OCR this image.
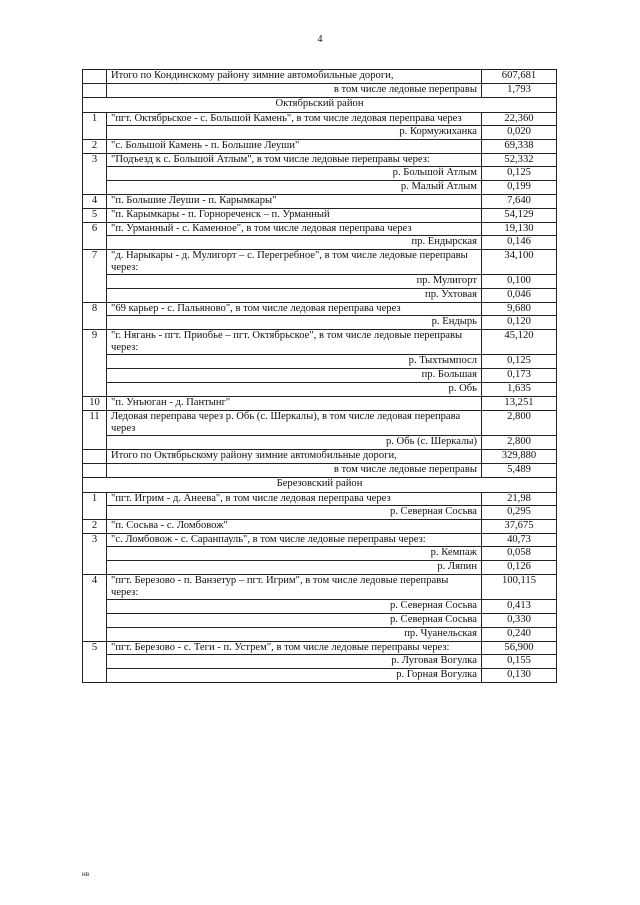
4
	Итого по Кондинскому району зимние автомобильные дороги,	607,681
	в том числе ледовые переправы	1,793
Октябрьский район		
1	"пгт. Октябрьское - с. Большой Камень", в том числе ледовая переправа через	22,360
	р. Кормужиханка	0,020
2	"с. Большой Камень - п. Большие Леуши"	69,338
3	"Подъезд к с. Большой Атлым", в том числе ледовые переправы через:	52,332
	р. Большой Атлым	0,125
	р. Малый Атлым	0,199
4	"п. Большие Леуши - п. Карымкары"	7,640
5	"п. Карымкары - п. Горнореченск – п. Урманный	54,129
6	"п. Урманный - с. Каменное", в том числе ледовая переправа через	19,130
	пр. Ендырская	0,146
7	"д. Нарыкары - д. Мулигорт – с. Перегребное", в том числе ледовые переправы через:	34,100
	пр. Мулигорт	0,100
	пр. Ухтовая	0,046
8	"69 карьер - с. Пальяново", в том числе ледовая переправа через	9,680
	р. Ендырь	0,120
9	"г. Нягань - пгт. Приобье – пгт. Октябрьское", в том числе ледовые переправы через:	45,120
	р. Тыхтымпосл	0,125
	пр. Большая	0,173
	р. Обь	1,635
10	"п. Унъюган - д. Пантынг"	13,251
11	Ледовая переправа через р. Обь (с. Шеркалы), в том числе ледовая переправа через	2,800
	р. Обь (с. Шеркалы)	2,800
	Итого по Октябрьскому району зимние автомобильные дороги,	329,880
	в том числе ледовые переправы	5,489
Березовский район		
1	"пгт. Игрим - д. Анеева", в том числе ледовая переправа через	21,98
	р. Северная Сосьва	0,295
2	"п. Сосьва - с. Ломбовож"	37,675
3	"с. Ломбовож - с. Саранпауль", в том числе ледовые переправы через:	40,73
	р. Кемпаж	0,058
	р. Ляпин	0,126
4	"пгт. Березово - п. Ванзетур – пгт. Игрим", в том числе ледовые переправы через:	100,115
	р. Северная Сосьва	0,413
	р. Северная Сосьва	0,330
	пр. Чуанельская	0,240
5	"пгт. Березово - с. Теги - п. Устрем", в том числе ледовые переправы через:	56,900
	р. Луговая Вогулка	0,155
	р. Горная Вогулка	0,130
нв
